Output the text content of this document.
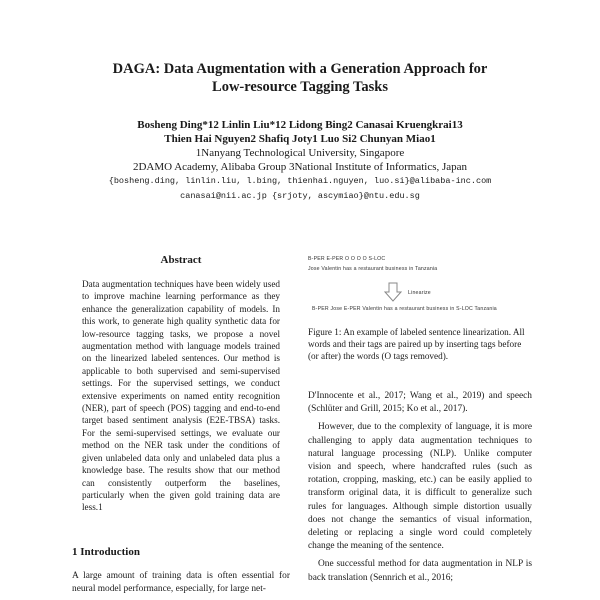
DAGA: Data Augmentation with a Generation Approach for
Low-resource Tagging Tasks
Bosheng Ding*12 Linlin Liu*12 Lidong Bing2 Canasai Kruengkrai13
Thien Hai Nguyen2 Shafiq Joty1 Luo Si2 Chunyan Miao1
1Nanyang Technological University, Singapore
2DAMO Academy, Alibaba Group 3National Institute of Informatics, Japan
{bosheng.ding, linlin.liu, l.bing, thienhai.nguyen, luo.si}@alibaba-inc.com
canasai@nii.ac.jp {srjoty, ascymiao}@ntu.edu.sg
Abstract
Data augmentation techniques have been widely used to improve machine learning performance as they enhance the generalization capability of models. In this work, to generate high quality synthetic data for low-resource tagging tasks, we propose a novel augmentation method with language models trained on the linearized labeled sentences. Our method is applicable to both supervised and semi-supervised settings. For the supervised settings, we conduct extensive experiments on named entity recognition (NER), part of speech (POS) tagging and end-to-end target based sentiment analysis (E2E-TBSA) tasks. For the semi-supervised settings, we evaluate our method on the NER task under the conditions of given unlabeled data only and unlabeled data plus a knowledge base. The results show that our method can consistently outperform the baselines, particularly when the given gold training data are less.1
1 Introduction
A large amount of training data is often essential for neural model performance, especially, for large net-
B-PER E-PER O O O O S-LOC
Jose Valentin has a restaurant business in Tanzania
Linearize
B-PER Jose E-PER Valentin has a restaurant business in S-LOC Tanzania
Figure 1: An example of labeled sentence linearization. All words and their tags are paired up by inserting tags before (or after) the words (O tags removed).

D'Innocente et al., 2017; Wang et al., 2019) and speech (Schlüter and Grill, 2015; Ko et al., 2017).

However, due to the complexity of language, it is more challenging to apply data augmentation techniques to natural language processing (NLP). Unlike computer vision and speech, where handcrafted rules (such as rotation, cropping, masking, etc.) can be easily applied to transform original data, it is difficult to generalize such rules for languages. Although simple distortion usually does not change the semantics of visual information, deleting or replacing a single word could completely change the meaning of the sentence.

One successful method for data augmentation in NLP is back translation (Sennrich et al., 2016;
